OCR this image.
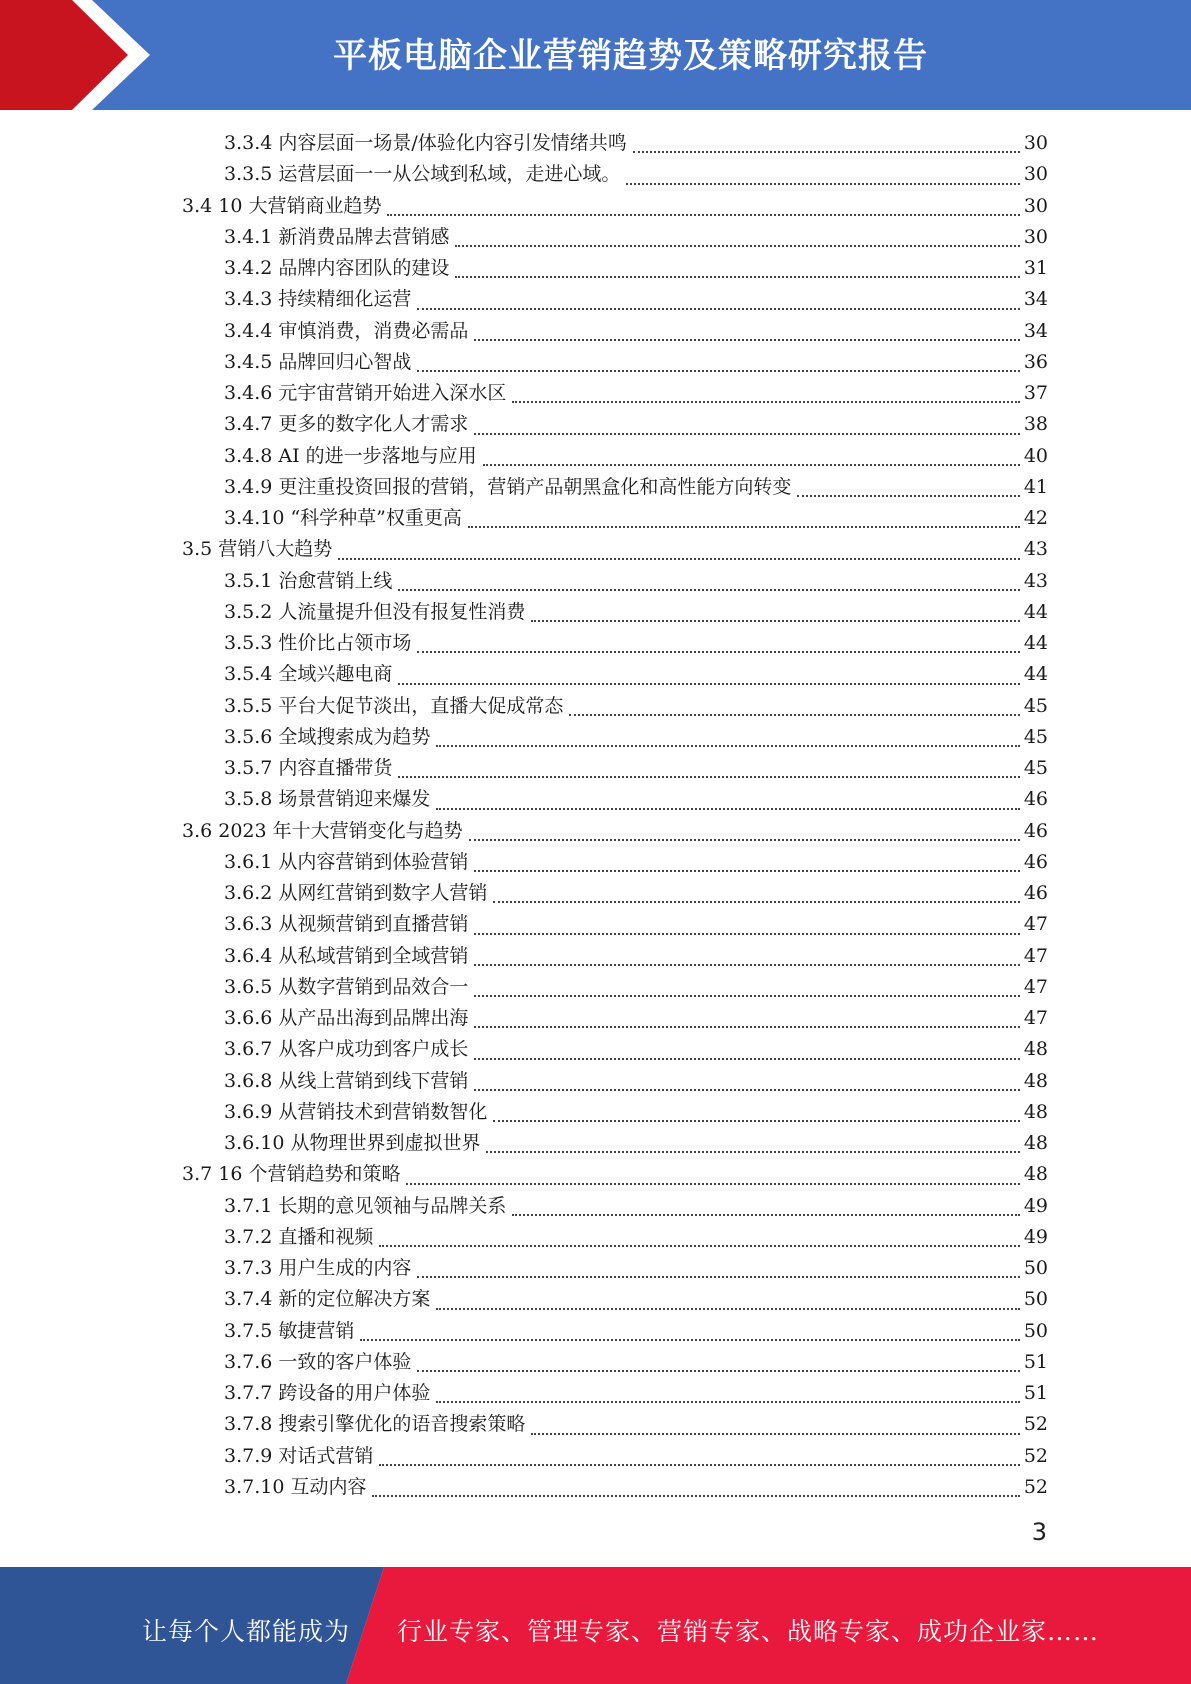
平板电脑企业营销趋势及策略研究报告
3.3.4 内容层面一场景/体验化内容引发情绪共鸣	30
3.3.5 运营层面一一从公域到私域，走进心域。	30
3.4 10 大营销商业趋势	30
3.4.1 新消费品牌去营销感	30
3.4.2 品牌内容团队的建设	31
3.4.3 持续精细化运营	34
3.4.4 审慎消费，消费必需品	34
3.4.5 品牌回归心智战	36
3.4.6 元宇宙营销开始进入深水区	37
3.4.7 更多的数字化人才需求	38
3.4.8 AI 的进一步落地与应用	40
3.4.9 更注重投资回报的营销，营销产品朝黑盒化和高性能方向转变	41
3.4.10 “科学种草”权重更高	42
3.5 营销八大趋势	43
3.5.1 治愈营销上线	43
3.5.2 人流量提升但没有报复性消费	44
3.5.3 性价比占领市场	44
3.5.4 全域兴趣电商	44
3.5.5 平台大促节淡出，直播大促成常态	45
3.5.6 全域搜索成为趋势	45
3.5.7 内容直播带货	45
3.5.8 场景营销迎来爆发	46
3.6 2023 年十大营销变化与趋势	46
3.6.1 从内容营销到体验营销	46
3.6.2 从网红营销到数字人营销	46
3.6.3 从视频营销到直播营销	47
3.6.4 从私域营销到全域营销	47
3.6.5 从数字营销到品效合一	47
3.6.6 从产品出海到品牌出海	47
3.6.7 从客户成功到客户成长	48
3.6.8 从线上营销到线下营销	48
3.6.9 从营销技术到营销数智化	48
3.6.10 从物理世界到虚拟世界	48
3.7 16 个营销趋势和策略	48
3.7.1 长期的意见领袖与品牌关系	49
3.7.2 直播和视频	49
3.7.3 用户生成的内容	50
3.7.4 新的定位解决方案	50
3.7.5 敏捷营销	50
3.7.6 一致的客户体验	51
3.7.7 跨设备的用户体验	51
3.7.8 搜索引擎优化的语音搜索策略	52
3.7.9 对话式营销	52
3.7.10 互动内容	52
3
让每个人都能成为 行业专家、管理专家、营销专家、战略专家、成功企业家……
